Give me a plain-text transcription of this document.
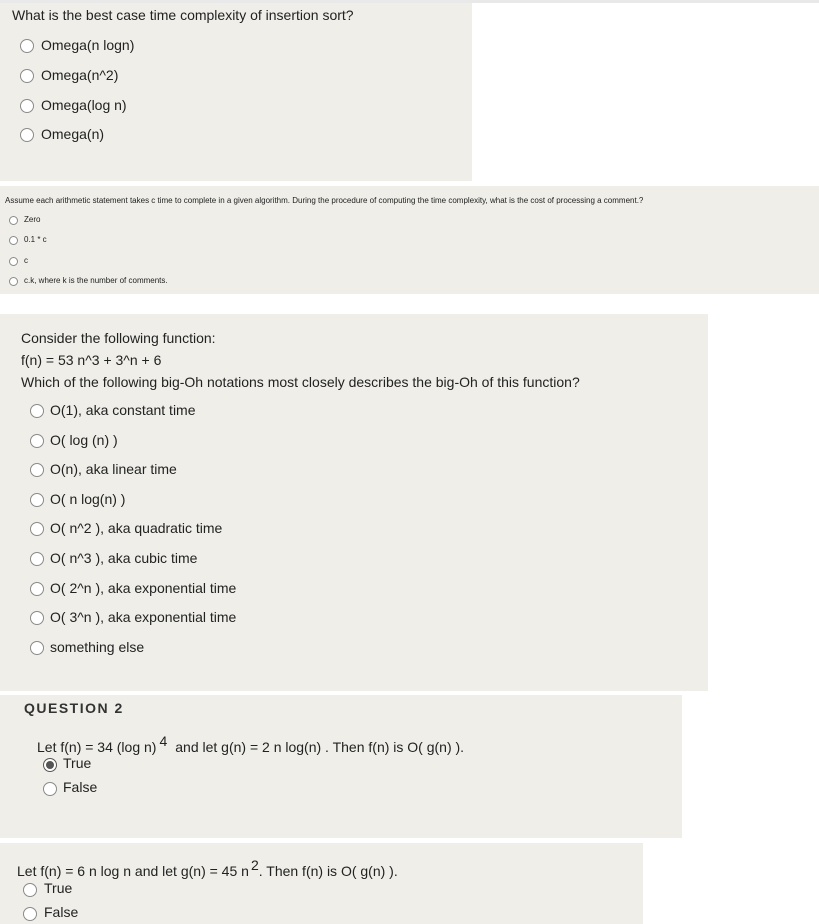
What is the best case time complexity of insertion sort?
Omega(n logn)
Omega(n^2)
Omega(log n)
Omega(n)
Assume each arithmetic statement takes c time to complete in a given algorithm. During the procedure of computing the time complexity, what is the cost of processing a comment.?
Zero
0.1 * c
c
c.k, where k is the number of comments.
Consider the following function:
f(n) = 53 n^3 + 3^n + 6
Which of the following big-Oh notations most closely describes the big-Oh of this function?
O(1), aka constant time
O( log (n) )
O(n), aka linear time
O( n log(n) )
O( n^2 ), aka quadratic time
O( n^3 ), aka cubic time
O( 2^n ), aka exponential time
O( 3^n ), aka exponential time
something else
QUESTION 2
Let f(n) = 34 (log n) 4 and let g(n) = 2 n log(n) . Then f(n) is O( g(n) ).
True
False
Let f(n) = 6 n log n and let g(n) = 45 n 2. Then f(n) is O( g(n) ).
True
False
